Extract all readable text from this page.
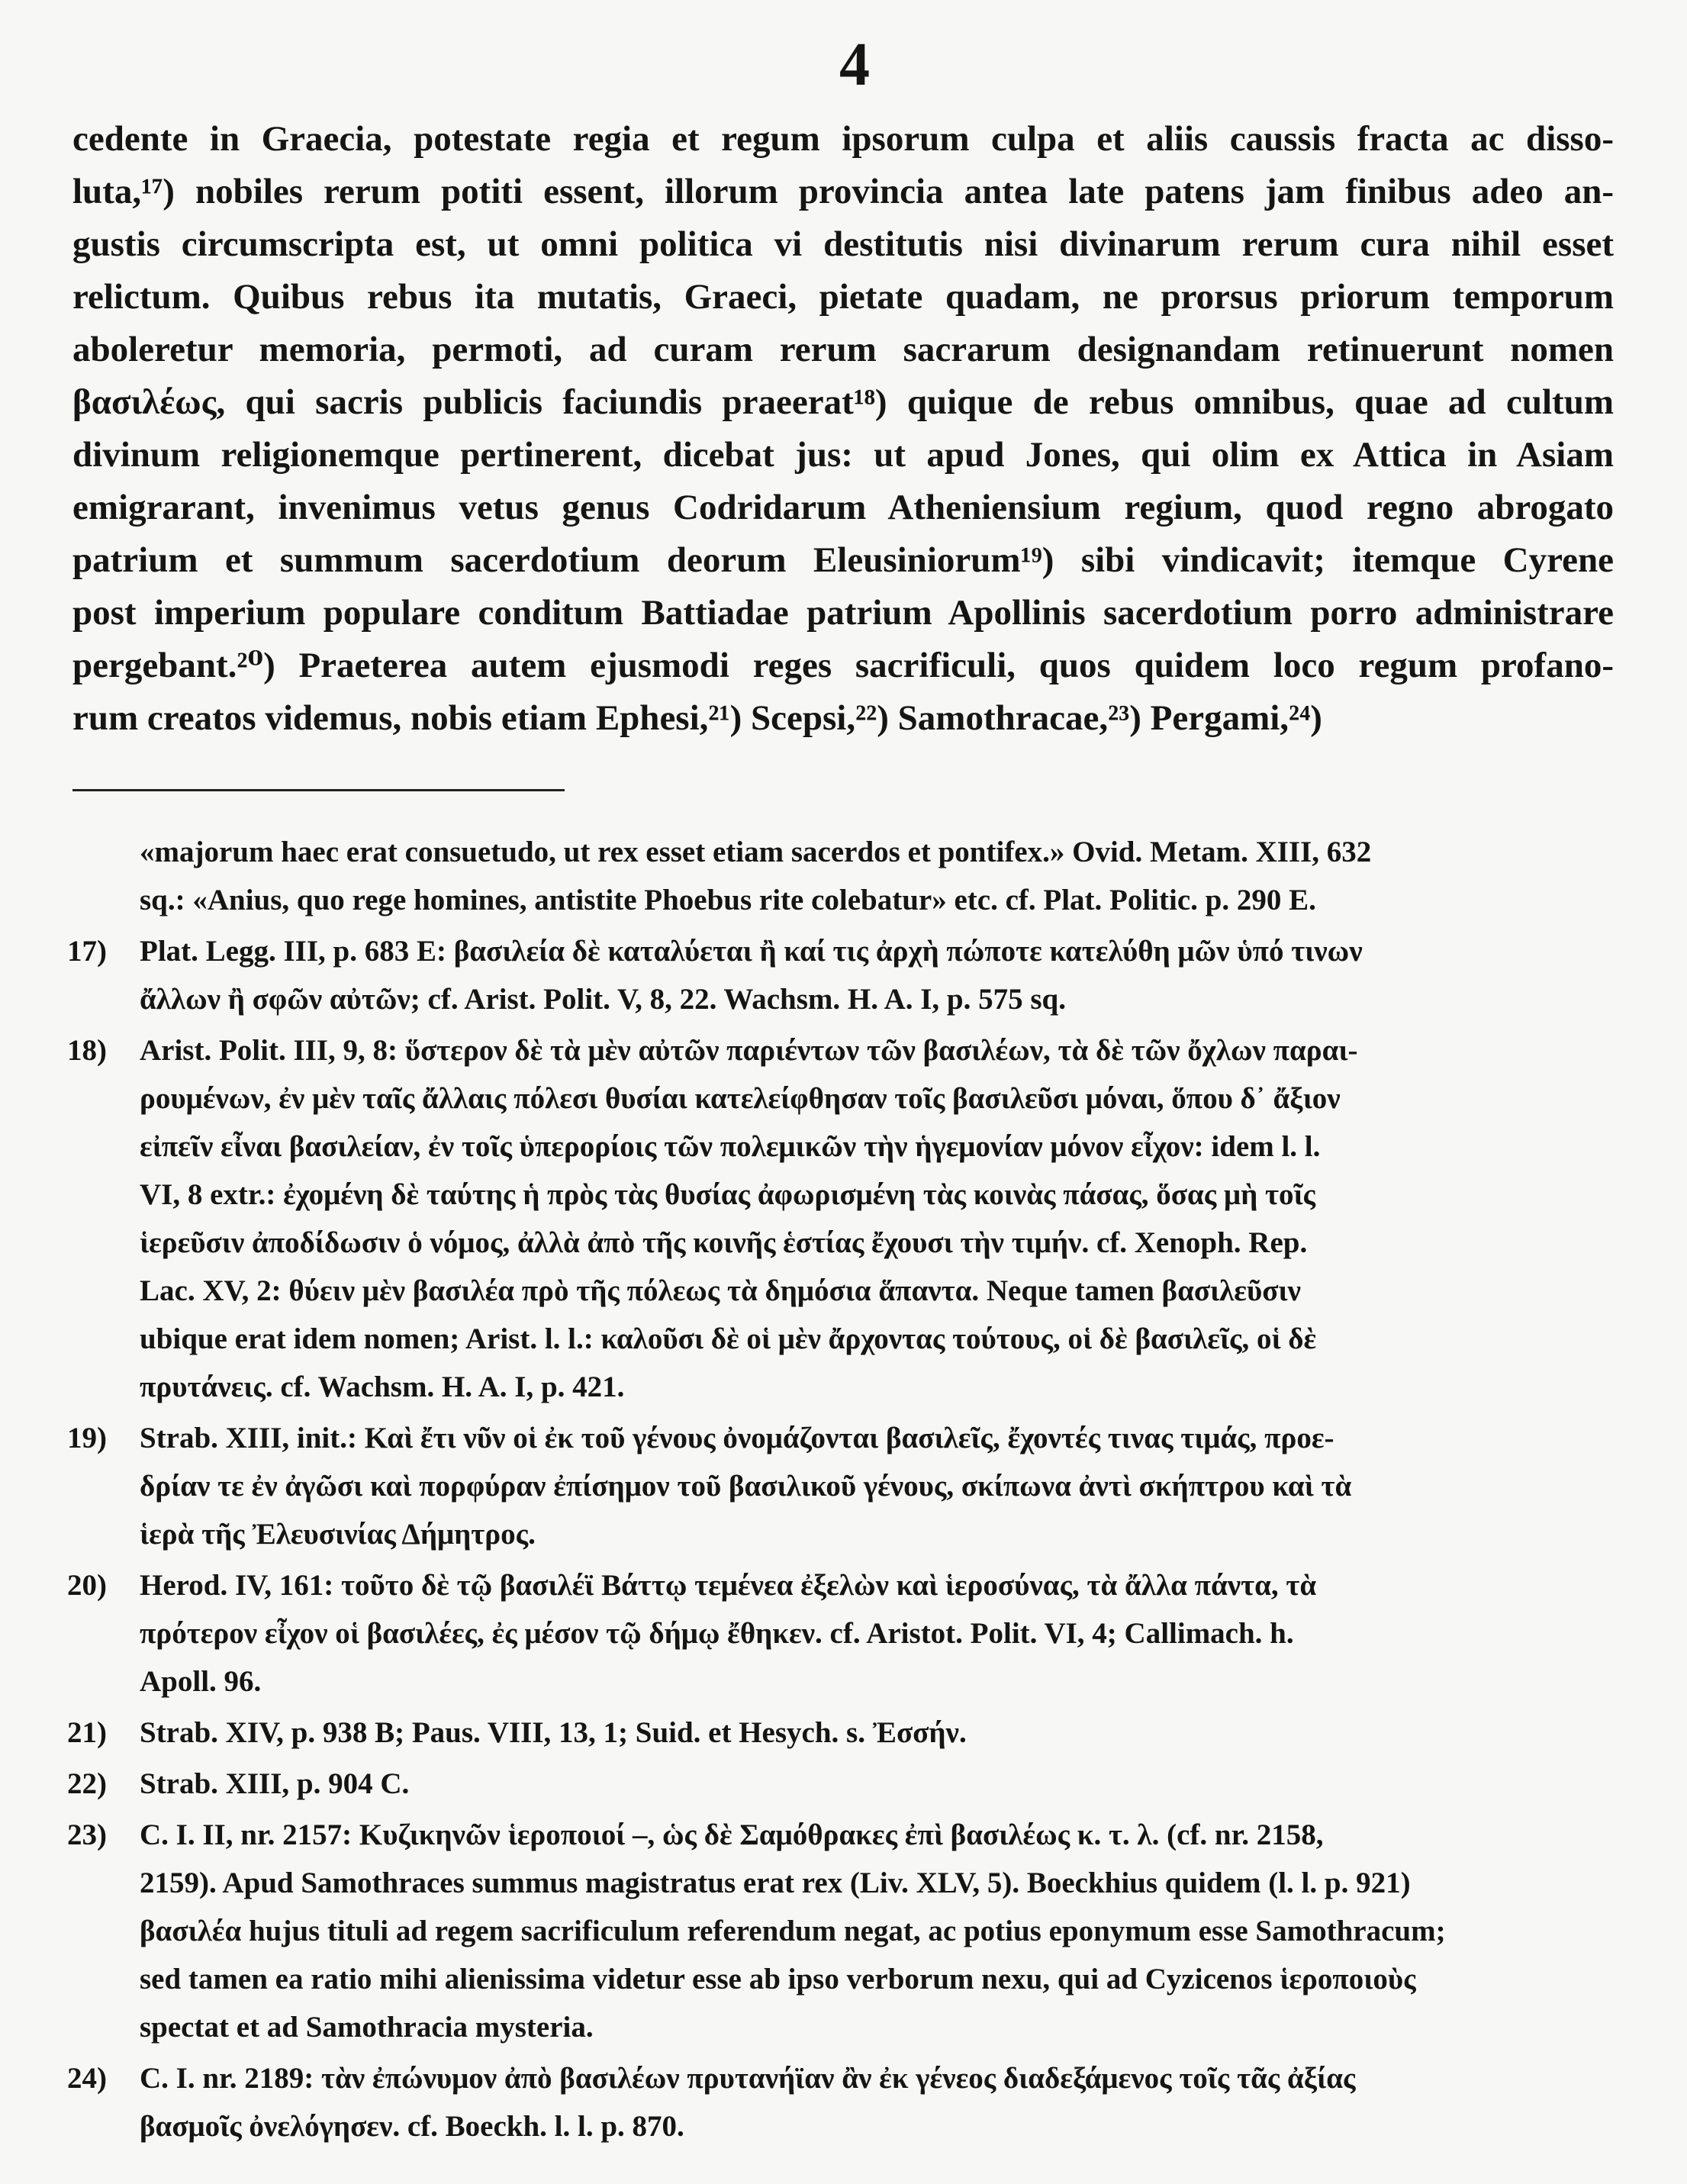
4
cedente in Graecia, potestate regia et regum ipsorum culpa et aliis caussis fracta ac disso-
luta,¹⁷) nobiles rerum potiti essent, illorum provincia antea late patens jam finibus adeo an-
gustis circumscripta est, ut omni politica vi destitutis nisi divinarum rerum cura nihil esset
relictum. Quibus rebus ita mutatis, Graeci, pietate quadam, ne prorsus priorum temporum
aboleretur memoria, permoti, ad curam rerum sacrarum designandam retinuerunt nomen
βασιλέως, qui sacris publicis faciundis praeerat¹⁸) quique de rebus omnibus, quae ad cultum
divinum religionemque pertinerent, dicebat jus: ut apud Jones, qui olim ex Attica in Asiam
emigrarant, invenimus vetus genus Codridarum Atheniensium regium, quod regno abrogato
patrium et summum sacerdotium deorum Eleusiniorum¹⁹) sibi vindicavit; itemque Cyrene
post imperium populare conditum Battiadae patrium Apollinis sacerdotium porro administrare
pergebant.²⁰) Praeterea autem ejusmodi reges sacrificuli, quos quidem loco regum profano-
rum creatos videmus, nobis etiam Ephesi,²¹) Scepsi,²²) Samothracae,²³) Pergami,²⁴)
«majorum haec erat consuetudo, ut rex esset etiam sacerdos et pontifex.» Ovid. Metam. XIII, 632
sq.: «Anius, quo rege homines, antistite Phoebus rite colebatur» etc. cf. Plat. Politic. p. 290 E.
17) Plat. Legg. III, p. 683 E: βασιλεία δὲ καταλύεται ἢ καί τις ἀρχὴ πώποτε κατελύθη μῶν ὑπό τινων
ἄλλων ἢ σφῶν αὐτῶν; cf. Arist. Polit. V, 8, 22. Wachsm. H. A. I, p. 575 sq.
18) Arist. Polit. III, 9, 8: ὕστερον δὲ τὰ μὲν αὐτῶν παριέντων τῶν βασιλέων, τὰ δὲ τῶν ὄχλων παραι-
ρουμένων, ἐν μὲν ταῖς ἄλλαις πόλεσι θυσίαι κατελείφθησαν τοῖς βασιλεῦσι μόναι, ὅπου δ᾽ ἄξιον
εἰπεῖν εἶναι βασιλείαν, ἐν τοῖς ὑπερορίοις τῶν πολεμικῶν τὴν ἡγεμονίαν μόνον εἶχον: idem l. l.
VI, 8 extr.: ἐχομένη δὲ ταύτης ἡ πρὸς τὰς θυσίας ἀφωρισμένη τὰς κοινὰς πάσας, ὅσας μὴ τοῖς
ἱερεῦσιν ἀποδίδωσιν ὁ νόμος, ἀλλὰ ἀπὸ τῆς κοινῆς ἑστίας ἔχουσι τὴν τιμήν. cf. Xenoph. Rep.
Lac. XV, 2: θύειν μὲν βασιλέα πρὸ τῆς πόλεως τὰ δημόσια ἅπαντα. Neque tamen βασιλεῦσιν
ubique erat idem nomen; Arist. l. l.: καλοῦσι δὲ οἱ μὲν ἄρχοντας τούτους, οἱ δὲ βασιλεῖς, οἱ δὲ
πρυτάνεις. cf. Wachsm. H. A. I, p. 421.
19) Strab. XIII, init.: Καὶ ἔτι νῦν οἱ ἐκ τοῦ γένους ὀνομάζονται βασιλεῖς, ἔχοντές τινας τιμάς, προε-
δρίαν τε ἐν ἀγῶσι καὶ πορφύραν ἐπίσημον τοῦ βασιλικοῦ γένους, σκίπωνα ἀντὶ σκήπτρου καὶ τὰ
ἱερὰ τῆς Ἐλευσινίας Δήμητρος.
20) Herod. IV, 161: τοῦτο δὲ τῷ βασιλέϊ Βάττῳ τεμένεα ἐξελὼν καὶ ἱεροσύνας, τὰ ἄλλα πάντα, τὰ
πρότερον εἶχον οἱ βασιλέες, ἐς μέσον τῷ δήμῳ ἔθηκεν. cf. Aristot. Polit. VI, 4; Callimach. h.
Apoll. 96.
21) Strab. XIV, p. 938 B; Paus. VIII, 13, 1; Suid. et Hesych. s. Ἐσσήν.
22) Strab. XIII, p. 904 C.
23) C. I. II, nr. 2157: Κυζικηνῶν ἱεροποιοί –, ὡς δὲ Σαμόθρακες ἐπὶ βασιλέως κ. τ. λ. (cf. nr. 2158,
2159). Apud Samothraces summus magistratus erat rex (Liv. XLV, 5). Boeckhius quidem (l. l. p. 921)
βασιλέα hujus tituli ad regem sacrificulum referendum negat, ac potius eponymum esse Samothracum;
sed tamen ea ratio mihi alienissima videtur esse ab ipso verborum nexu, qui ad Cyzicenos ἱεροποιοὺς
spectat et ad Samothracia mysteria.
24) C. I. nr. 2189: τὰν ἐπώνυμον ἀπὸ βασιλέων πρυτανήϊαν ἂν ἐκ γένεος διαδεξάμενος τοῖς τᾶς ἀξίας
βασμοῖς ὀνελόγησεν. cf. Boeckh. l. l. p. 870.
